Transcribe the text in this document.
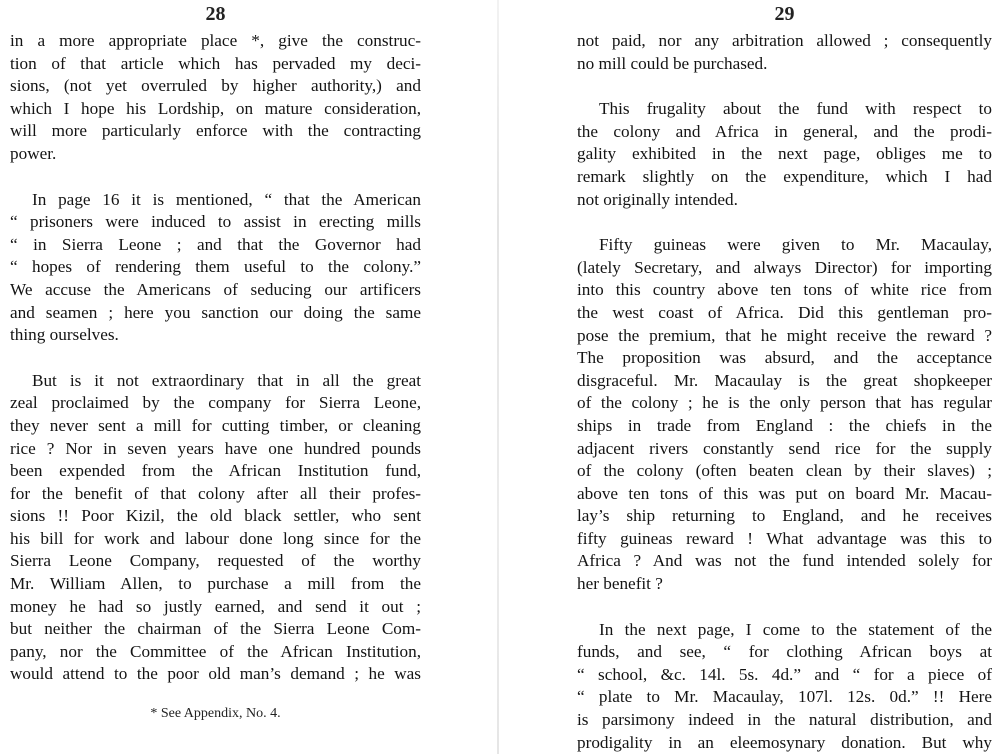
28

in a more appropriate place *, give the construc-
tion of that article which has pervaded my deci-
sions, (not yet overruled by higher authority,) and
which I hope his Lordship, on mature consideration,
will more particularly enforce with the contracting
power.

In page 16 it is mentioned, “ that the American
“ prisoners were induced to assist in erecting mills
“ in Sierra Leone ; and that the Governor had
“ hopes of rendering them useful to the colony.”
We accuse the Americans of seducing our artificers
and seamen ; here you sanction our doing the same
thing ourselves.

But is it not extraordinary that in all the great
zeal proclaimed by the company for Sierra Leone,
they never sent a mill for cutting timber, or cleaning
rice ? Nor in seven years have one hundred pounds
been expended from the African Institution fund,
for the benefit of that colony after all their profes-
sions !! Poor Kizil, the old black settler, who sent
his bill for work and labour done long since for the
Sierra Leone Company, requested of the worthy
Mr. William Allen, to purchase a mill from the
money he had so justly earned, and send it out ;
but neither the chairman of the Sierra Leone Com-
pany, nor the Committee of the African Institution,
would attend to the poor old man’s demand ; he was

* See Appendix, No. 4.
29

not paid, nor any arbitration allowed ; consequently
no mill could be purchased.

This frugality about the fund with respect to
the colony and Africa in general, and the prodi-
gality exhibited in the next page, obliges me to
remark slightly on the expenditure, which I had
not originally intended.

Fifty guineas were given to Mr. Macaulay,
(lately Secretary, and always Director) for importing
into this country above ten tons of white rice from
the west coast of Africa. Did this gentleman pro-
pose the premium, that he might receive the reward ?
The proposition was absurd, and the acceptance
disgraceful. Mr. Macaulay is the great shopkeeper
of the colony ; he is the only person that has regular
ships in trade from England : the chiefs in the
adjacent rivers constantly send rice for the supply
of the colony (often beaten clean by their slaves) ;
above ten tons of this was put on board Mr. Macau-
lay’s ship returning to England, and he receives
fifty guineas reward ! What advantage was this to
Africa ? And was not the fund intended solely for
her benefit ?

In the next page, I come to the statement of the
funds, and see, “ for clothing African boys at
“ school, &c. 14l. 5s. 4d.” and “ for a piece of
“ plate to Mr. Macaulay, 107l. 12s. 0d.” !! Here
is parsimony indeed in the natural distribution, and
prodigality in an eleemosynary donation. But why
